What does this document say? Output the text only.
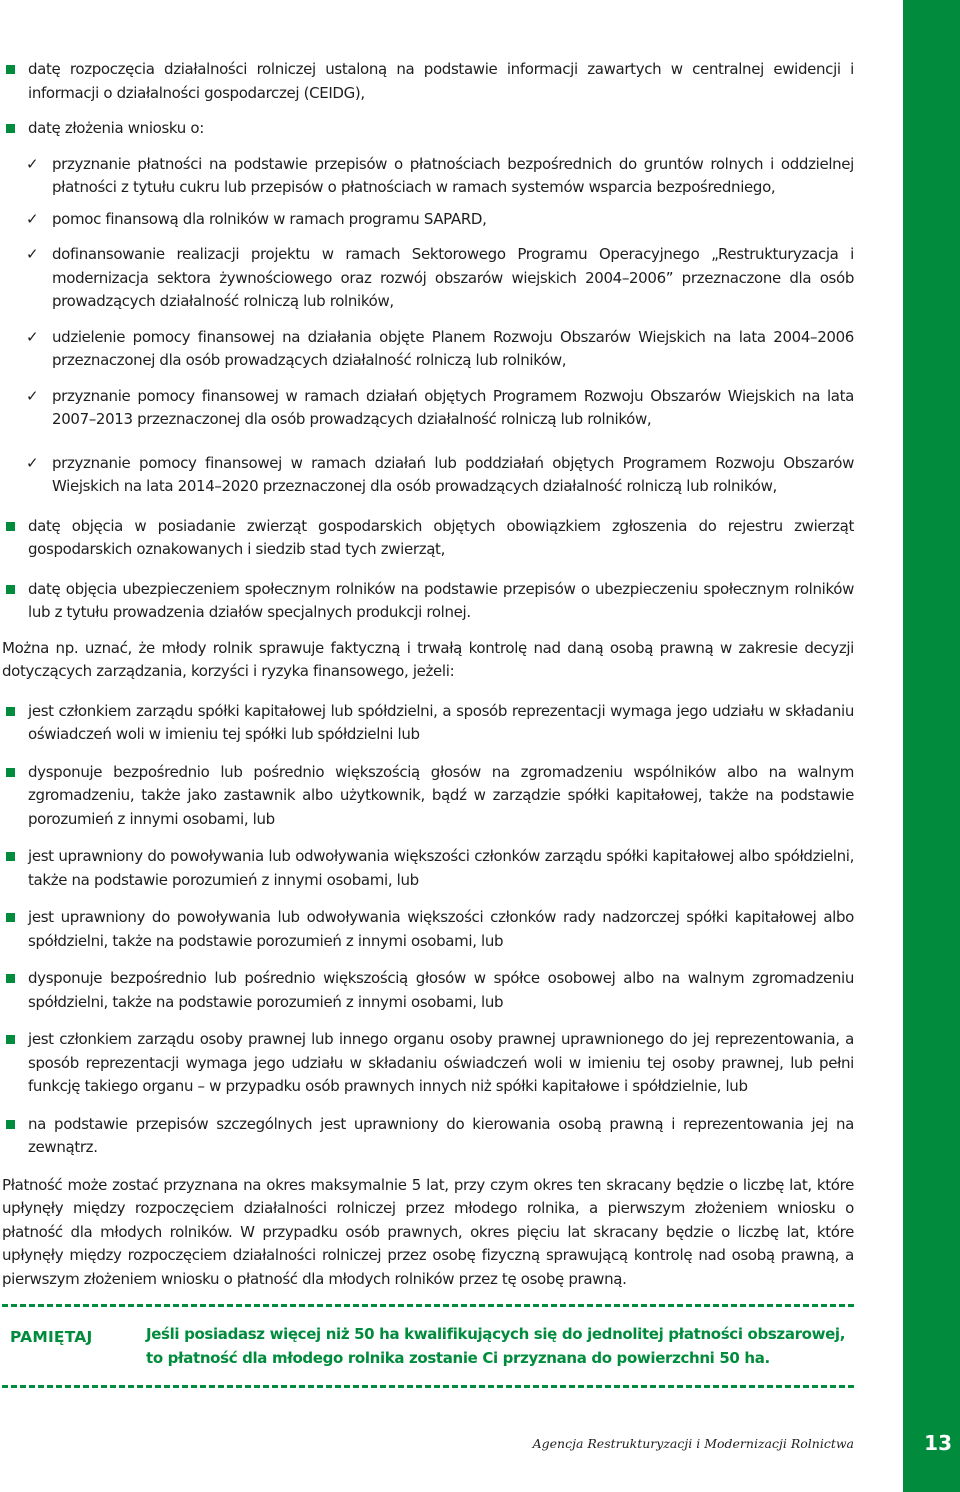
datę rozpoczęcia działalności rolniczej ustaloną na podstawie informacji zawartych w centralnej ewidencji i informacji o działalności gospodarczej (CEIDG),
datę złożenia wniosku o:
✓ przyznanie płatności na podstawie przepisów o płatnościach bezpośrednich do gruntów rolnych i oddzielnej płatności z tytułu cukru lub przepisów o płatnościach w ramach systemów wsparcia bezpośredniego,
✓ pomoc finansową dla rolników w ramach programu SAPARD,
✓ dofinansowanie realizacji projektu w ramach Sektorowego Programu Operacyjnego „Restrukturyzacja i modernizacja sektora żywnościowego oraz rozwój obszarów wiejskich 2004–2006” przeznaczone dla osób prowadzących działalność rolniczą lub rolników,
✓ udzielenie pomocy finansowej na działania objęte Planem Rozwoju Obszarów Wiejskich na lata 2004–2006 przeznaczonej dla osób prowadzących działalność rolniczą lub rolników,
✓ przyznanie pomocy finansowej w ramach działań objętych Programem Rozwoju Obszarów Wiejskich na lata 2007–2013 przeznaczonej dla osób prowadzących działalność rolniczą lub rolników,
✓ przyznanie pomocy finansowej w ramach działań lub poddziałań objętych Programem Rozwoju Obszarów Wiejskich na lata 2014–2020 przeznaczonej dla osób prowadzących działalność rolniczą lub rolników,
datę objęcia w posiadanie zwierząt gospodarskich objętych obowiązkiem zgłoszenia do rejestru zwierząt gospodarskich oznakowanych i siedzib stad tych zwierząt,
datę objęcia ubezpieczeniem społecznym rolników na podstawie przepisów o ubezpieczeniu społecznym rolników lub z tytułu prowadzenia działów specjalnych produkcji rolnej.

Można np. uznać, że młody rolnik sprawuje faktyczną i trwałą kontrolę nad daną osobą prawną w zakresie decyzji dotyczących zarządzania, korzyści i ryzyka finansowego, jeżeli:

jest członkiem zarządu spółki kapitałowej lub spółdzielni, a sposób reprezentacji wymaga jego udziału w składaniu oświadczeń woli w imieniu tej spółki lub spółdzielni lub
dysponuje bezpośrednio lub pośrednio większością głosów na zgromadzeniu wspólników albo na walnym zgromadzeniu, także jako zastawnik albo użytkownik, bądź w zarządzie spółki kapitałowej, także na podstawie porozumień z innymi osobami, lub
jest uprawniony do powoływania lub odwoływania większości członków zarządu spółki kapitałowej albo spółdzielni, także na podstawie porozumień z innymi osobami, lub
jest uprawniony do powoływania lub odwoływania większości członków rady nadzorczej spółki kapitałowej albo spółdzielni, także na podstawie porozumień z innymi osobami, lub
dysponuje bezpośrednio lub pośrednio większością głosów w spółce osobowej albo na walnym zgromadzeniu spółdzielni, także na podstawie porozumień z innymi osobami, lub
jest członkiem zarządu osoby prawnej lub innego organu osoby prawnej uprawnionego do jej reprezentowania, a sposób reprezentacji wymaga jego udziału w składaniu oświadczeń woli w imieniu tej osoby prawnej, lub pełni funkcję takiego organu – w przypadku osób prawnych innych niż spółki kapitałowe i spółdzielnie, lub
na podstawie przepisów szczególnych jest uprawniony do kierowania osobą prawną i reprezentowania jej na zewnątrz.

Płatność może zostać przyznana na okres maksymalnie 5 lat, przy czym okres ten skracany będzie o liczbę lat, które upłynęły między rozpoczęciem działalności rolniczej przez młodego rolnika, a pierwszym złożeniem wniosku o płatność dla młodych rolników. W przypadku osób prawnych, okres pięciu lat skracany będzie o liczbę lat, które upłynęły między rozpoczęciem działalności rolniczej przez osobę fizyczną sprawującą kontrolę nad osobą prawną, a pierwszym złożeniem wniosku o płatność dla młodych rolników przez tę osobę prawną.

PAMIĘTAJ	Jeśli posiadasz więcej niż 50 ha kwalifikujących się do jednolitej płatności obszarowej, to płatność dla młodego rolnika zostanie Ci przyznana do powierzchni 50 ha.
Agencja Restrukturyzacji i Modernizacji Rolnictwa	13
